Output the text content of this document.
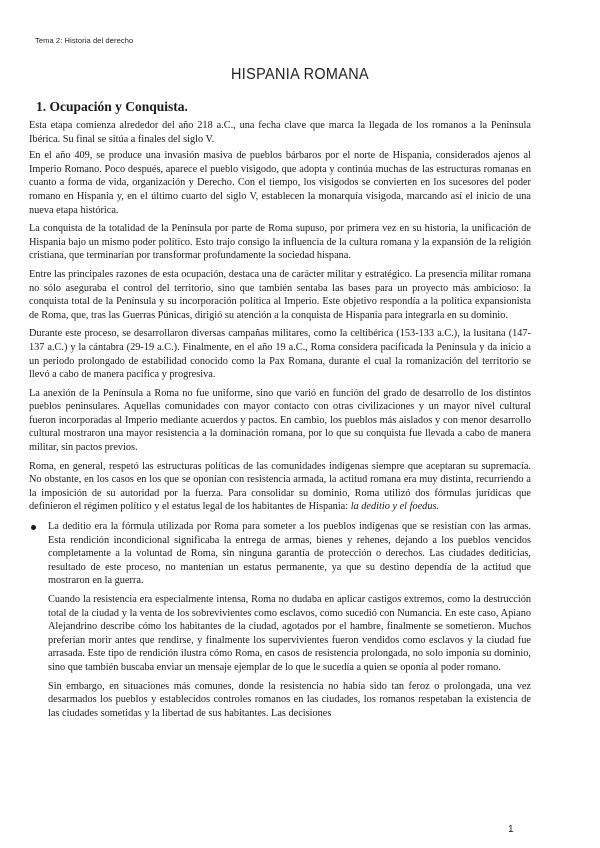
Tema 2: Historia del derecho
HISPANIA ROMANA
1. Ocupación y Conquista.

Esta etapa comienza alrededor del año 218 a.C., una fecha clave que marca la llegada de los romanos a la Península Ibérica. Su final se sitúa a finales del siglo V.

En el año 409, se produce una invasión masiva de pueblos bárbaros por el norte de Hispania, considerados ajenos al Imperio Romano. Poco después, aparece el pueblo visigodo, que adopta y continúa muchas de las estructuras romanas en cuanto a forma de vida, organización y Derecho. Con el tiempo, los visigodos se convierten en los sucesores del poder romano en Hispania y, en el último cuarto del siglo V, establecen la monarquía visigoda, marcando así el inicio de una nueva etapa histórica.

La conquista de la totalidad de la Península por parte de Roma supuso, por primera vez en su historia, la unificación de Hispania bajo un mismo poder político. Esto trajo consigo la influencia de la cultura romana y la expansión de la religión cristiana, que terminarían por transformar profundamente la sociedad hispana.

Entre las principales razones de esta ocupación, destaca una de carácter militar y estratégico. La presencia militar romana no sólo aseguraba el control del territorio, sino que también sentaba las bases para un proyecto más ambicioso: la conquista total de la Península y su incorporación política al Imperio. Este objetivo respondía a la política expansionista de Roma, que, tras las Guerras Púnicas, dirigió su atención a la conquista de Hispania para integrarla en su dominio.

Durante este proceso, se desarrollaron diversas campañas militares, como la celtibérica (153-133 a.C.), la lusitana (147-137 a.C.) y la cántabra (29-19 a.C.). Finalmente, en el año 19 a.C., Roma considera pacificada la Península y da inicio a un periodo prolongado de estabilidad conocido como la Pax Romana, durante el cual la romanización del territorio se llevó a cabo de manera pacífica y progresiva.

La anexión de la Península a Roma no fue uniforme, sino que varió en función del grado de desarrollo de los distintos pueblos peninsulares. Aquellas comunidades con mayor contacto con otras civilizaciones y un mayor nivel cultural fueron incorporadas al Imperio mediante acuerdos y pactos. En cambio, los pueblos más aislados y con menor desarrollo cultural mostraron una mayor resistencia a la dominación romana, por lo que su conquista fue llevada a cabo de manera militar, sin pactos previos.

Roma, en general, respetó las estructuras políticas de las comunidades indígenas siempre que aceptaran su supremacía. No obstante, en los casos en los que se oponían con resistencia armada, la actitud romana era muy distinta, recurriendo a la imposición de su autoridad por la fuerza. Para consolidar su dominio, Roma utilizó dos fórmulas jurídicas que definieron el régimen político y el estatus legal de los habitantes de Hispania: la deditio y el foedus.

La deditio era la fórmula utilizada por Roma para someter a los pueblos indígenas que se resistían con las armas. Esta rendición incondicional significaba la entrega de armas, bienes y rehenes, dejando a los pueblos vencidos completamente a la voluntad de Roma, sin ninguna garantía de protección o derechos. Las ciudades dediticias, resultado de este proceso, no mantenían un estatus permanente, ya que su destino dependía de la actitud que mostraron en la guerra.

Cuando la resistencia era especialmente intensa, Roma no dudaba en aplicar castigos extremos, como la destrucción total de la ciudad y la venta de los sobrevivientes como esclavos, como sucedió con Numancia. En este caso, Apiano Alejandrino describe cómo los habitantes de la ciudad, agotados por el hambre, finalmente se sometieron. Muchos preferían morir antes que rendirse, y finalmente los supervivientes fueron vendidos como esclavos y la ciudad fue arrasada. Este tipo de rendición ilustra cómo Roma, en casos de resistencia prolongada, no solo imponía su dominio, sino que también buscaba enviar un mensaje ejemplar de lo que le sucedía a quien se oponía al poder romano.

Sin embargo, en situaciones más comunes, donde la resistencia no había sido tan feroz o prolongada, una vez desarmados los pueblos y establecidos controles romanos en las ciudades, los romanos respetaban la existencia de las ciudades sometidas y la libertad de sus habitantes. Las decisiones

1
